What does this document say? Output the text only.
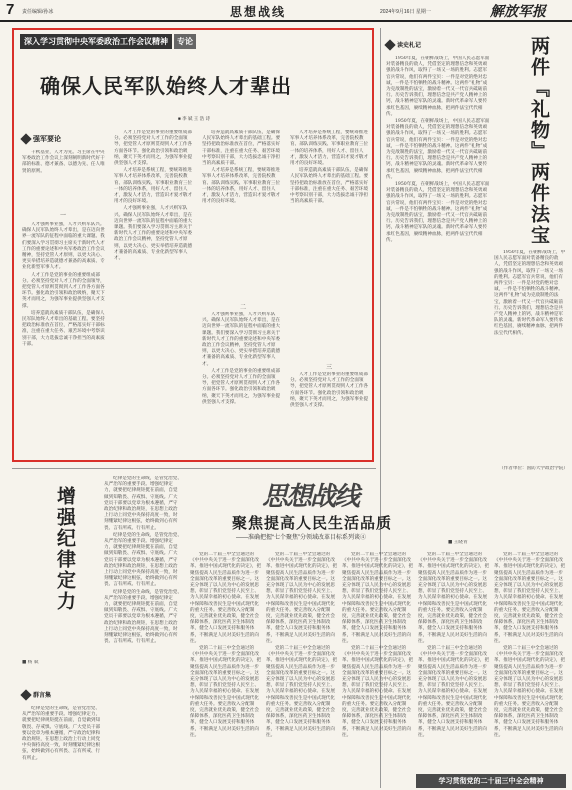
7 责任编辑/孙冰	思想战线	2024年9月16日 星期一	解放军报
深入学习贯彻中央军委政治工作会议精神	专论
确保人民军队始终人才辈出
■ 李 斌 王 浩 诗
强军要论

千秋基业，人才为先。习主席在中央军委政治工作会议上深刻阐明新时代好干部的标准、德才兼备、以德为先、任人唯贤的原则。

一

人才强则事业强，人才兴则军队兴。确保人民军队始终人才辈出，是在迈向世界一流军队的征程中面临的重大课题。我们要深入学习贯彻习主席关于新时代人才工作的重要论述和中央军委政治工作会议精神，坚持党管人才原则，以更大决心、更实举措培养造就德才兼备的高素质、专业化新型军事人才。

人才工作是党的事业的重要组成部分。必须坚持党对人才工作的全面领导，把党管人才原则贯彻到人才工作各方面各环节。强化政治引领和政治吸纳，聚天下英才而用之，为强军事业提供坚强人才支撑。

培养造就高素质干部队伍，是确保人民军队始终人才辈出的基础工程。要坚持把政治标准放在首位，严格落实好干部标准，注重在重大任务、艰苦环境中考察识别干部，大力选拔忠诚干净担当的高素质干部。

人才工作是党的事业的重要组成部分。必须坚持党对人才工作的全面领导，把党管人才原则贯彻到人才工作各方面各环节。强化政治引领和政治吸纳，聚天下英才而用之，为强军事业提供坚强人才支撑。

人才培养是系统工程，要统筹推进军事人才培养体系改革，完善院校教育、部队训练实践、军事职业教育三位一体的培养体系，用好人才、留住人才，激发人才活力，营造识才爱才敬才用才的良好环境。

人才强则事业强，人才兴则军队兴。确保人民军队始终人才辈出，是在迈向世界一流军队的征程中面临的重大课题。我们要深入学习贯彻习主席关于新时代人才工作的重要论述和中央军委政治工作会议精神，坚持党管人才原则，以更大决心、更实举措培养造就德才兼备的高素质、专业化新型军事人才。

培养造就高素质干部队伍，是确保人民军队始终人才辈出的基础工程。要坚持把政治标准放在首位，严格落实好干部标准，注重在重大任务、艰苦环境中考察识别干部，大力选拔忠诚干净担当的高素质干部。

人才培养是系统工程，要统筹推进军事人才培养体系改革，完善院校教育、部队训练实践、军事职业教育三位一体的培养体系，用好人才、留住人才，激发人才活力，营造识才爱才敬才用才的良好环境。

二

人才强则事业强，人才兴则军队兴。确保人民军队始终人才辈出，是在迈向世界一流军队的征程中面临的重大课题。我们要深入学习贯彻习主席关于新时代人才工作的重要论述和中央军委政治工作会议精神，坚持党管人才原则，以更大决心、更实举措培养造就德才兼备的高素质、专业化新型军事人才。

人才工作是党的事业的重要组成部分。必须坚持党对人才工作的全面领导，把党管人才原则贯彻到人才工作各方面各环节。强化政治引领和政治吸纳，聚天下英才而用之，为强军事业提供坚强人才支撑。

人才培养是系统工程，要统筹推进军事人才培养体系改革，完善院校教育、部队训练实践、军事职业教育三位一体的培养体系，用好人才、留住人才，激发人才活力，营造识才爱才敬才用才的良好环境。

培养造就高素质干部队伍，是确保人民军队始终人才辈出的基础工程。要坚持把政治标准放在首位，严格落实好干部标准，注重在重大任务、艰苦环境中考察识别干部，大力选拔忠诚干净担当的高素质干部。

三

人才工作是党的事业的重要组成部分。必须坚持党对人才工作的全面领导，把党管人才原则贯彻到人才工作各方面各环节。强化政治引领和政治吸纳，聚天下英才而用之，为强军事业提供坚强人才支撑。

读史札记

1950年夏，在朝鲜战场上，中国人民志愿军面对装备精良的敌人，凭借坚定的理想信念和英勇顽强的战斗作风，取得了一场又一场的胜利。志愿军官兵常说，他们有两件宝贝：一件是对党的绝对忠诚，一件是不怕牺牲的战斗精神。这两件“礼物”成为克敌制胜的法宝，激励着一代又一代官兵砥砺前行。历史告诉我们，理想信念是共产党人精神上的钙，战斗精神是军队的灵魂。新时代革命军人要传承红色基因，赓续精神血脉，把两件法宝代代相传。

1950年夏，在朝鲜战场上，中国人民志愿军面对装备精良的敌人，凭借坚定的理想信念和英勇顽强的战斗作风，取得了一场又一场的胜利。志愿军官兵常说，他们有两件宝贝：一件是对党的绝对忠诚，一件是不怕牺牲的战斗精神。这两件“礼物”成为克敌制胜的法宝，激励着一代又一代官兵砥砺前行。历史告诉我们，理想信念是共产党人精神上的钙，战斗精神是军队的灵魂。新时代革命军人要传承红色基因，赓续精神血脉，把两件法宝代代相传。

1950年夏，在朝鲜战场上，中国人民志愿军面对装备精良的敌人，凭借坚定的理想信念和英勇顽强的战斗作风，取得了一场又一场的胜利。志愿军官兵常说，他们有两件宝贝：一件是对党的绝对忠诚，一件是不怕牺牲的战斗精神。这两件“礼物”成为克敌制胜的法宝，激励着一代又一代官兵砥砺前行。历史告诉我们，理想信念是共产党人精神上的钙，战斗精神是军队的灵魂。新时代革命军人要传承红色基因，赓续精神血脉，把两件法宝代代相传。	两件『礼物』两件法宝

1950年夏，在朝鲜战场上，中国人民志愿军面对装备精良的敌人，凭借坚定的理想信念和英勇顽强的战斗作风，取得了一场又一场的胜利。志愿军官兵常说，他们有两件宝贝：一件是对党的绝对忠诚，一件是不怕牺牲的战斗精神。这两件“礼物”成为克敌制胜的法宝，激励着一代又一代官兵砥砺前行。历史告诉我们，理想信念是共产党人精神上的钙，战斗精神是军队的灵魂。新时代革命军人要传承红色基因，赓续精神血脉，把两件法宝代代相传。

（作者单位：国防大学政治学院）
增强纪律定力
■ 杨 斌
群言集

纪律是党的生命线，是管党治党、从严治军的重要手段。增强纪律定力，就要把纪律规矩挺在前面，自觉做到知敬畏、存戒惧、守底线。广大党员干部要以党章为根本遵循，严守政治纪律和政治规矩，在思想上政治上行动上同党中央保持高度一致，时刻绷紧纪律这根弦，始终做到心有所畏、言有所戒、行有所止。

纪律是党的生命线，是管党治党、从严治军的重要手段。增强纪律定力，就要把纪律规矩挺在前面，自觉做到知敬畏、存戒惧、守底线。广大党员干部要以党章为根本遵循，严守政治纪律和政治规矩，在思想上政治上行动上同党中央保持高度一致，时刻绷紧纪律这根弦，始终做到心有所畏、言有所戒、行有所止。

纪律是党的生命线，是管党治党、从严治军的重要手段。增强纪律定力，就要把纪律规矩挺在前面，自觉做到知敬畏、存戒惧、守底线。广大党员干部要以党章为根本遵循，严守政治纪律和政治规矩，在思想上政治上行动上同党中央保持高度一致，时刻绷紧纪律这根弦，始终做到心有所畏、言有所戒、行有所止。

纪律是党的生命线，是管党治党、从严治军的重要手段。增强纪律定力，就要把纪律规矩挺在前面，自觉做到知敬畏、存戒惧、守底线。广大党员干部要以党章为根本遵循，严守政治纪律和政治规矩，在思想上政治上行动上同党中央保持高度一致，时刻绷紧纪律这根弦，始终做到心有所畏、言有所戒、行有所止。

思想战线
聚焦提高人民生活品质
——准确把握“七个聚焦”分领域改革目标系列谈④
■ 王晓青

党的二十届三中全会通过的《中共中央关于进一步全面深化改革、推进中国式现代化的决定》，把聚焦提高人民生活品质作为进一步全面深化改革的重要目标之一。这充分体现了以人民为中心的发展思想，彰显了我们党坚持人民至上、为人民谋幸福的初心使命。在发展中保障和改善民生是中国式现代化的重大任务。要完善收入分配制度，完善就业优先政策，健全社会保障体系，深化医药卫生体制改革，健全人口发展支持和服务体系，不断满足人民对美好生活的向往。

党的二十届三中全会通过的《中共中央关于进一步全面深化改革、推进中国式现代化的决定》，把聚焦提高人民生活品质作为进一步全面深化改革的重要目标之一。这充分体现了以人民为中心的发展思想，彰显了我们党坚持人民至上、为人民谋幸福的初心使命。在发展中保障和改善民生是中国式现代化的重大任务。要完善收入分配制度，完善就业优先政策，健全社会保障体系，深化医药卫生体制改革，健全人口发展支持和服务体系，不断满足人民对美好生活的向往。

党的二十届三中全会通过的《中共中央关于进一步全面深化改革、推进中国式现代化的决定》，把聚焦提高人民生活品质作为进一步全面深化改革的重要目标之一。这充分体现了以人民为中心的发展思想，彰显了我们党坚持人民至上、为人民谋幸福的初心使命。在发展中保障和改善民生是中国式现代化的重大任务。要完善收入分配制度，完善就业优先政策，健全社会保障体系，深化医药卫生体制改革，健全人口发展支持和服务体系，不断满足人民对美好生活的向往。

党的二十届三中全会通过的《中共中央关于进一步全面深化改革、推进中国式现代化的决定》，把聚焦提高人民生活品质作为进一步全面深化改革的重要目标之一。这充分体现了以人民为中心的发展思想，彰显了我们党坚持人民至上、为人民谋幸福的初心使命。在发展中保障和改善民生是中国式现代化的重大任务。要完善收入分配制度，完善就业优先政策，健全社会保障体系，深化医药卫生体制改革，健全人口发展支持和服务体系，不断满足人民对美好生活的向往。

党的二十届三中全会通过的《中共中央关于进一步全面深化改革、推进中国式现代化的决定》，把聚焦提高人民生活品质作为进一步全面深化改革的重要目标之一。这充分体现了以人民为中心的发展思想，彰显了我们党坚持人民至上、为人民谋幸福的初心使命。在发展中保障和改善民生是中国式现代化的重大任务。要完善收入分配制度，完善就业优先政策，健全社会保障体系，深化医药卫生体制改革，健全人口发展支持和服务体系，不断满足人民对美好生活的向往。

党的二十届三中全会通过的《中共中央关于进一步全面深化改革、推进中国式现代化的决定》，把聚焦提高人民生活品质作为进一步全面深化改革的重要目标之一。这充分体现了以人民为中心的发展思想，彰显了我们党坚持人民至上、为人民谋幸福的初心使命。在发展中保障和改善民生是中国式现代化的重大任务。要完善收入分配制度，完善就业优先政策，健全社会保障体系，深化医药卫生体制改革，健全人口发展支持和服务体系，不断满足人民对美好生活的向往。

党的二十届三中全会通过的《中共中央关于进一步全面深化改革、推进中国式现代化的决定》，把聚焦提高人民生活品质作为进一步全面深化改革的重要目标之一。这充分体现了以人民为中心的发展思想，彰显了我们党坚持人民至上、为人民谋幸福的初心使命。在发展中保障和改善民生是中国式现代化的重大任务。要完善收入分配制度，完善就业优先政策，健全社会保障体系，深化医药卫生体制改革，健全人口发展支持和服务体系，不断满足人民对美好生活的向往。

党的二十届三中全会通过的《中共中央关于进一步全面深化改革、推进中国式现代化的决定》，把聚焦提高人民生活品质作为进一步全面深化改革的重要目标之一。这充分体现了以人民为中心的发展思想，彰显了我们党坚持人民至上、为人民谋幸福的初心使命。在发展中保障和改善民生是中国式现代化的重大任务。要完善收入分配制度，完善就业优先政策，健全社会保障体系，深化医药卫生体制改革，健全人口发展支持和服务体系，不断满足人民对美好生活的向往。

党的二十届三中全会通过的《中共中央关于进一步全面深化改革、推进中国式现代化的决定》，把聚焦提高人民生活品质作为进一步全面深化改革的重要目标之一。这充分体现了以人民为中心的发展思想，彰显了我们党坚持人民至上、为人民谋幸福的初心使命。在发展中保障和改善民生是中国式现代化的重大任务。要完善收入分配制度，完善就业优先政策，健全社会保障体系，深化医药卫生体制改革，健全人口发展支持和服务体系，不断满足人民对美好生活的向往。

党的二十届三中全会通过的《中共中央关于进一步全面深化改革、推进中国式现代化的决定》，把聚焦提高人民生活品质作为进一步全面深化改革的重要目标之一。这充分体现了以人民为中心的发展思想，彰显了我们党坚持人民至上、为人民谋幸福的初心使命。在发展中保障和改善民生是中国式现代化的重大任务。要完善收入分配制度，完善就业优先政策，健全社会保障体系，深化医药卫生体制改革，健全人口发展支持和服务体系，不断满足人民对美好生活的向往。

学习贯彻党的二十届三中全会精神
